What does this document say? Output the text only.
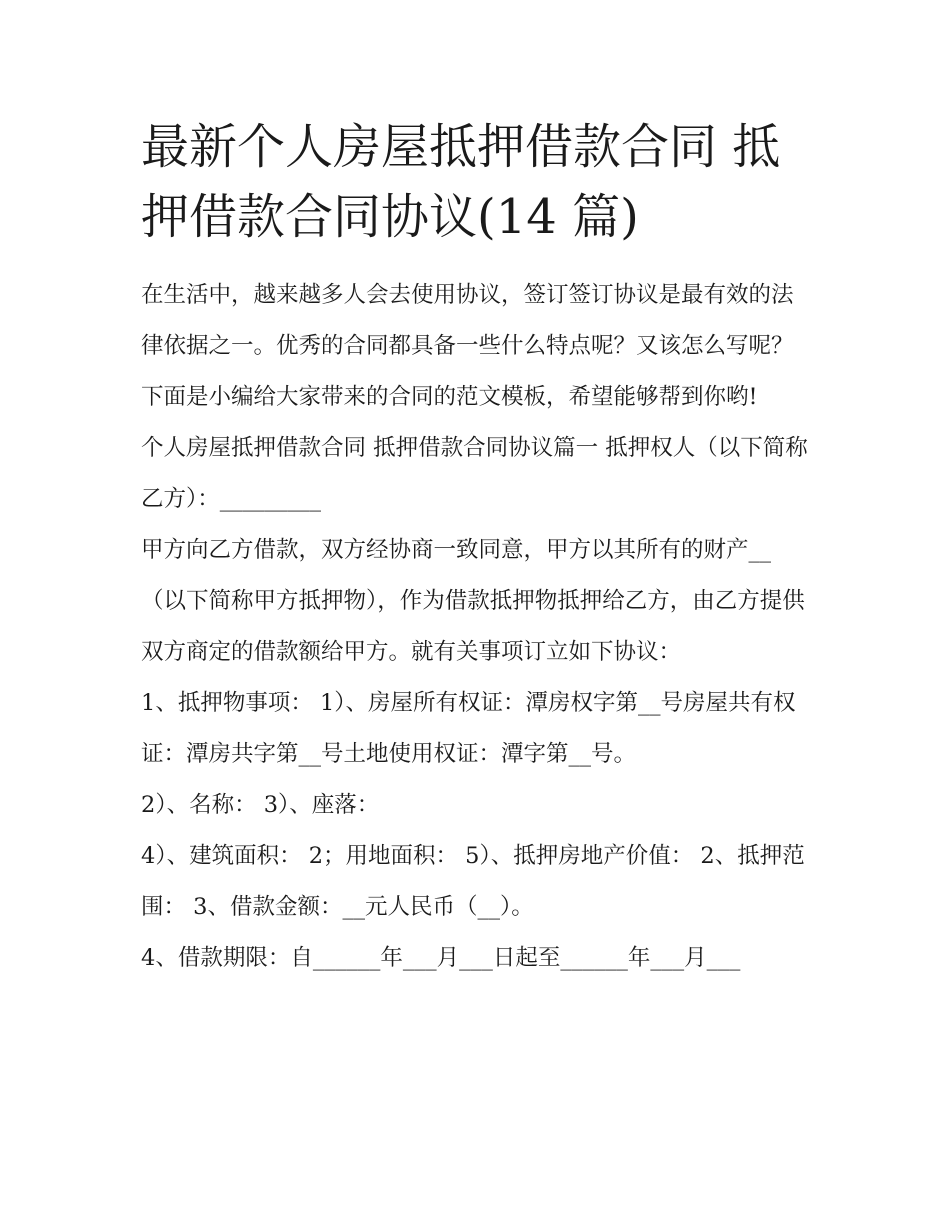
最新个人房屋抵押借款合同 抵押借款合同协议(14 篇)

在生活中，越来越多人会去使用协议，签订签订协议是最有效的法律依据之一。优秀的合同都具备一些什么特点呢？又该怎么写呢？下面是小编给大家带来的合同的范文模板，希望能够帮到你哟!

个人房屋抵押借款合同 抵押借款合同协议篇一 抵押权人（以下简称乙方）：_________

甲方向乙方借款，双方经协商一致同意，甲方以其所有的财产__（以下简称甲方抵押物），作为借款抵押物抵押给乙方，由乙方提供双方商定的借款额给甲方。就有关事项订立如下协议：

1、抵押物事项： 1）、房屋所有权证：潭房权字第__号房屋共有权证：潭房共字第__号土地使用权证：潭字第__号。

2）、名称： 3）、座落：

4）、建筑面积： 2；用地面积： 5）、抵押房地产价值： 2、抵押范围： 3、借款金额：__元人民币（__）。

4、借款期限：自______年___月___日起至______年___月___
